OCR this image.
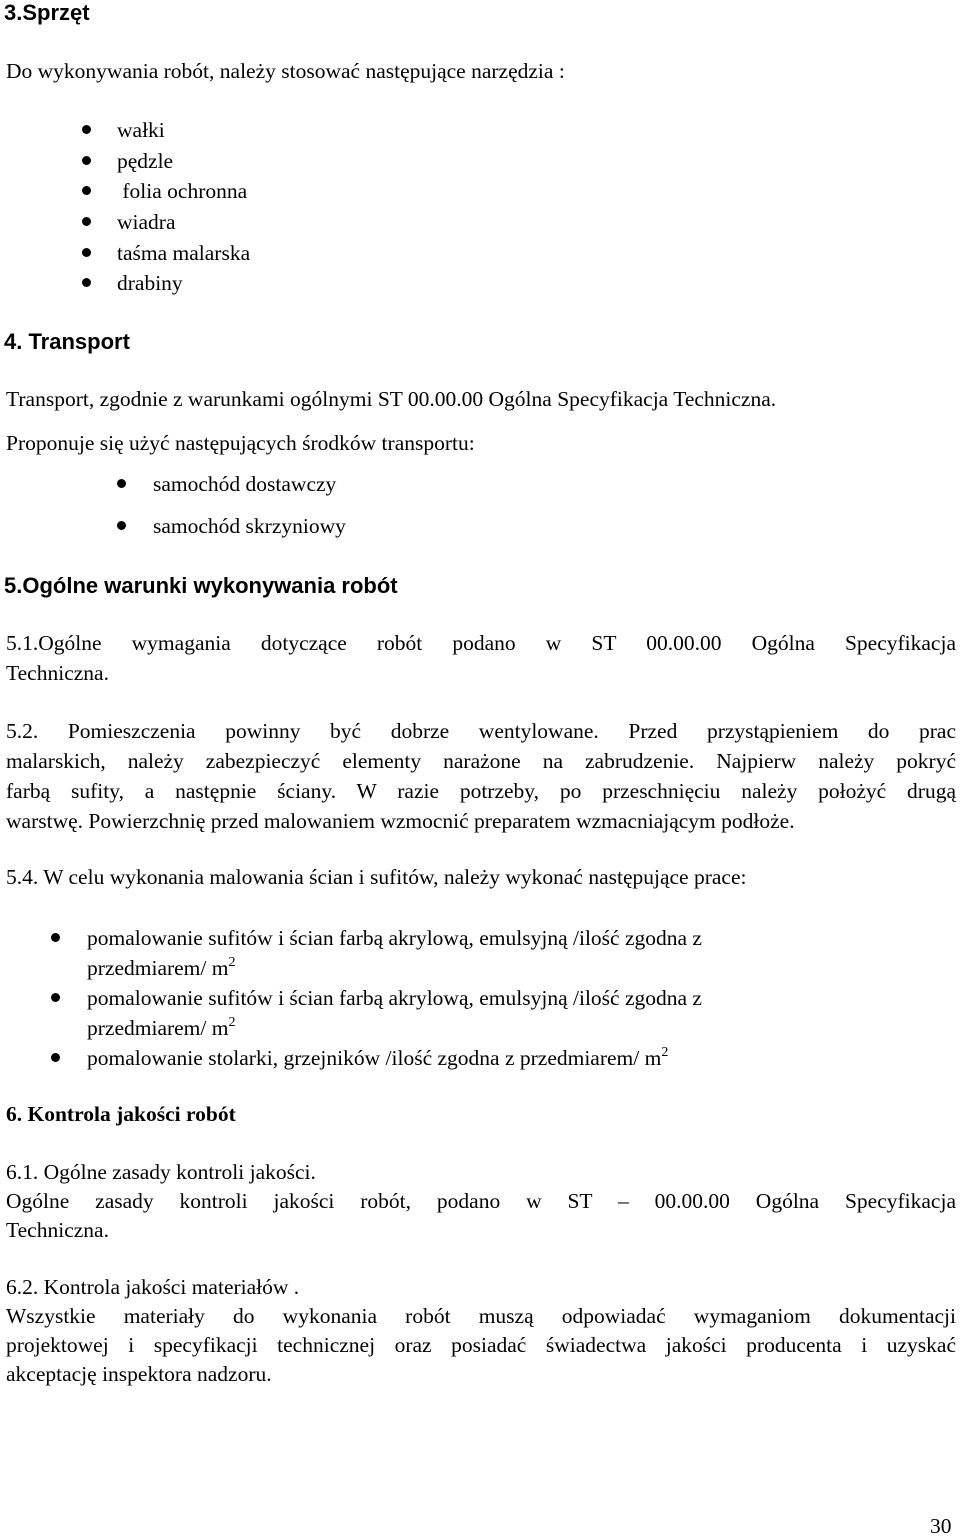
3.Sprzęt
Do wykonywania robót, należy stosować następujące narzędzia :
wałki
pędzle
folia ochronna
wiadra
taśma malarska
drabiny
4. Transport
Transport, zgodnie z warunkami ogólnymi ST 00.00.00 Ogólna Specyfikacja Techniczna.
Proponuje się użyć następujących środków transportu:
samochód dostawczy
samochód skrzyniowy
5.Ogólne warunki wykonywania robót
5.1.Ogólne wymagania dotyczące robót podano w ST 00.00.00 Ogólna Specyfikacja
Techniczna.
5.2. Pomieszczenia powinny być dobrze wentylowane. Przed przystąpieniem do prac
malarskich, należy zabezpieczyć elementy narażone na zabrudzenie. Najpierw należy pokryć
farbą sufity, a następnie ściany. W razie potrzeby, po przeschnięciu należy położyć drugą
warstwę. Powierzchnię przed malowaniem wzmocnić preparatem wzmacniającym podłoże.
5.4. W celu wykonania malowania ścian i sufitów, należy wykonać następujące prace:
pomalowanie sufitów i ścian farbą akrylową, emulsyjną /ilość zgodna z
przedmiarem/ $m^2$
pomalowanie sufitów i ścian farbą akrylową, emulsyjną /ilość zgodna z
przedmiarem/ $m^2$
pomalowanie stolarki, grzejników /ilość zgodna z przedmiarem/ $m^2$
6. Kontrola jakości robót
6.1. Ogólne zasady kontroli jakości.
Ogólne zasady kontroli jakości robót, podano w ST – 00.00.00 Ogólna Specyfikacja
Techniczna.
6.2. Kontrola jakości materiałów .
Wszystkie materiały do wykonania robót muszą odpowiadać wymaganiom dokumentacji
projektowej i specyfikacji technicznej oraz posiadać świadectwa jakości producenta i uzyskać
akceptację inspektora nadzoru.
30
